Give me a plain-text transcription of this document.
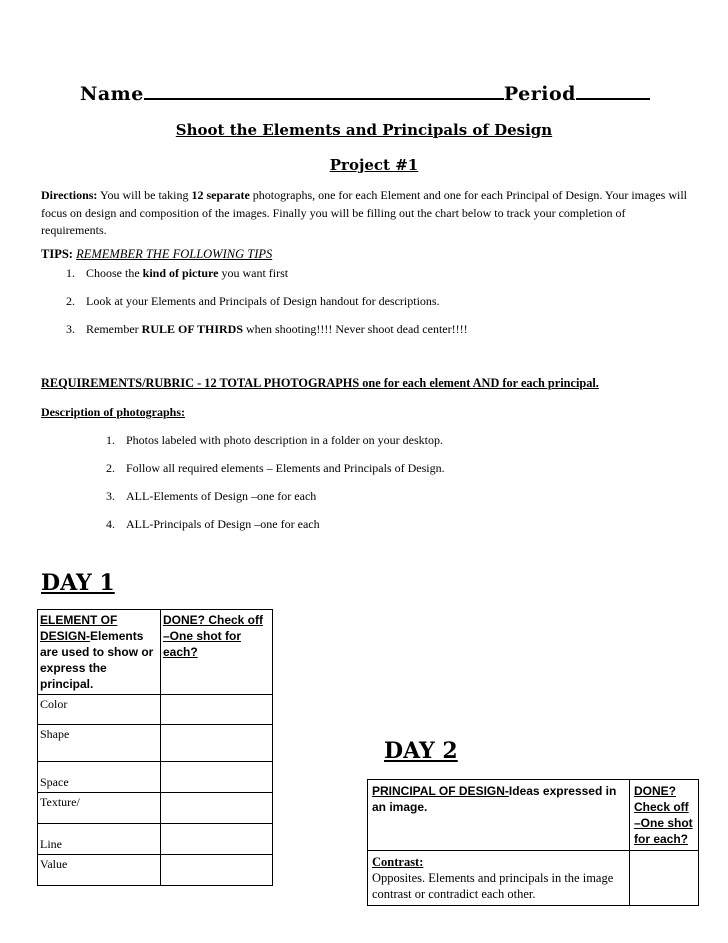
Name	Period
Shoot the Elements and Principals of Design
Project #1
Directions: You will be taking 12 separate photographs, one for each Element and one for each Principal of Design. Your images will focus on design and composition of the images. Finally you will be filling out the chart below to track your completion of requirements.
TIPS: REMEMBER THE FOLLOWING TIPS
1. Choose the kind of picture you want first
2. Look at your Elements and Principals of Design handout for descriptions.
3. Remember RULE OF THIRDS when shooting!!!! Never shoot dead center!!!!
REQUIREMENTS/RUBRIC - 12 TOTAL PHOTOGRAPHS one for each element AND for each principal.
Description of photographs:
1. Photos labeled with photo description in a folder on your desktop.
2. Follow all required elements – Elements and Principals of Design.
3. ALL-Elements of Design –one for each
4. ALL-Principals of Design –one for each
DAY 1
ELEMENT OF DESIGN-Elements are used to show or express the principal.	DONE? Check off –One shot for each?
Color	
Shape	
Space	
Texture/	
Line	
Value	
DAY 2
PRINCIPAL OF DESIGN-Ideas expressed in an image.	DONE? Check off –One shot for each?
Contrast:
Opposites. Elements and principals in the image contrast or contradict each other.	
